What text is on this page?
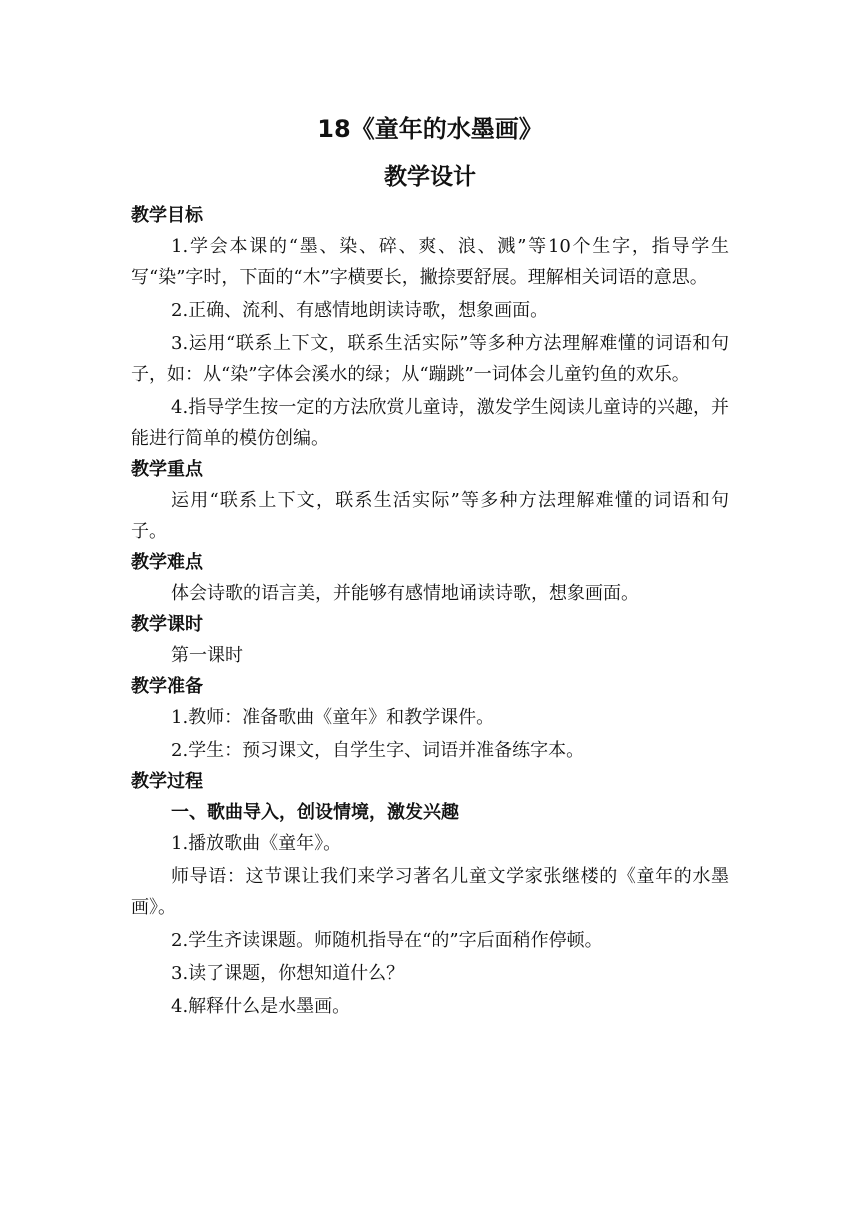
18《童年的水墨画》
教学设计
教学目标

1.学会本课的“墨、染、碎、爽、浪、溅”等10个生字，指导学生写“染”字时，下面的“木”字横要长，撇捺要舒展。理解相关词语的意思。

2.正确、流利、有感情地朗读诗歌，想象画面。

3.运用“联系上下文，联系生活实际”等多种方法理解难懂的词语和句子，如：从“染”字体会溪水的绿；从“蹦跳”一词体会儿童钓鱼的欢乐。

4.指导学生按一定的方法欣赏儿童诗，激发学生阅读儿童诗的兴趣，并能进行简单的模仿创编。

教学重点

运用“联系上下文，联系生活实际”等多种方法理解难懂的词语和句子。

教学难点

体会诗歌的语言美，并能够有感情地诵读诗歌，想象画面。

教学课时

第一课时

教学准备

1.教师：准备歌曲《童年》和教学课件。

2.学生：预习课文，自学生字、词语并准备练字本。

教学过程

一、歌曲导入，创设情境，激发兴趣

1.播放歌曲《童年》。

师导语：这节课让我们来学习著名儿童文学家张继楼的《童年的水墨画》。

2.学生齐读课题。师随机指导在“的”字后面稍作停顿。

3.读了课题，你想知道什么？

4.解释什么是水墨画。
